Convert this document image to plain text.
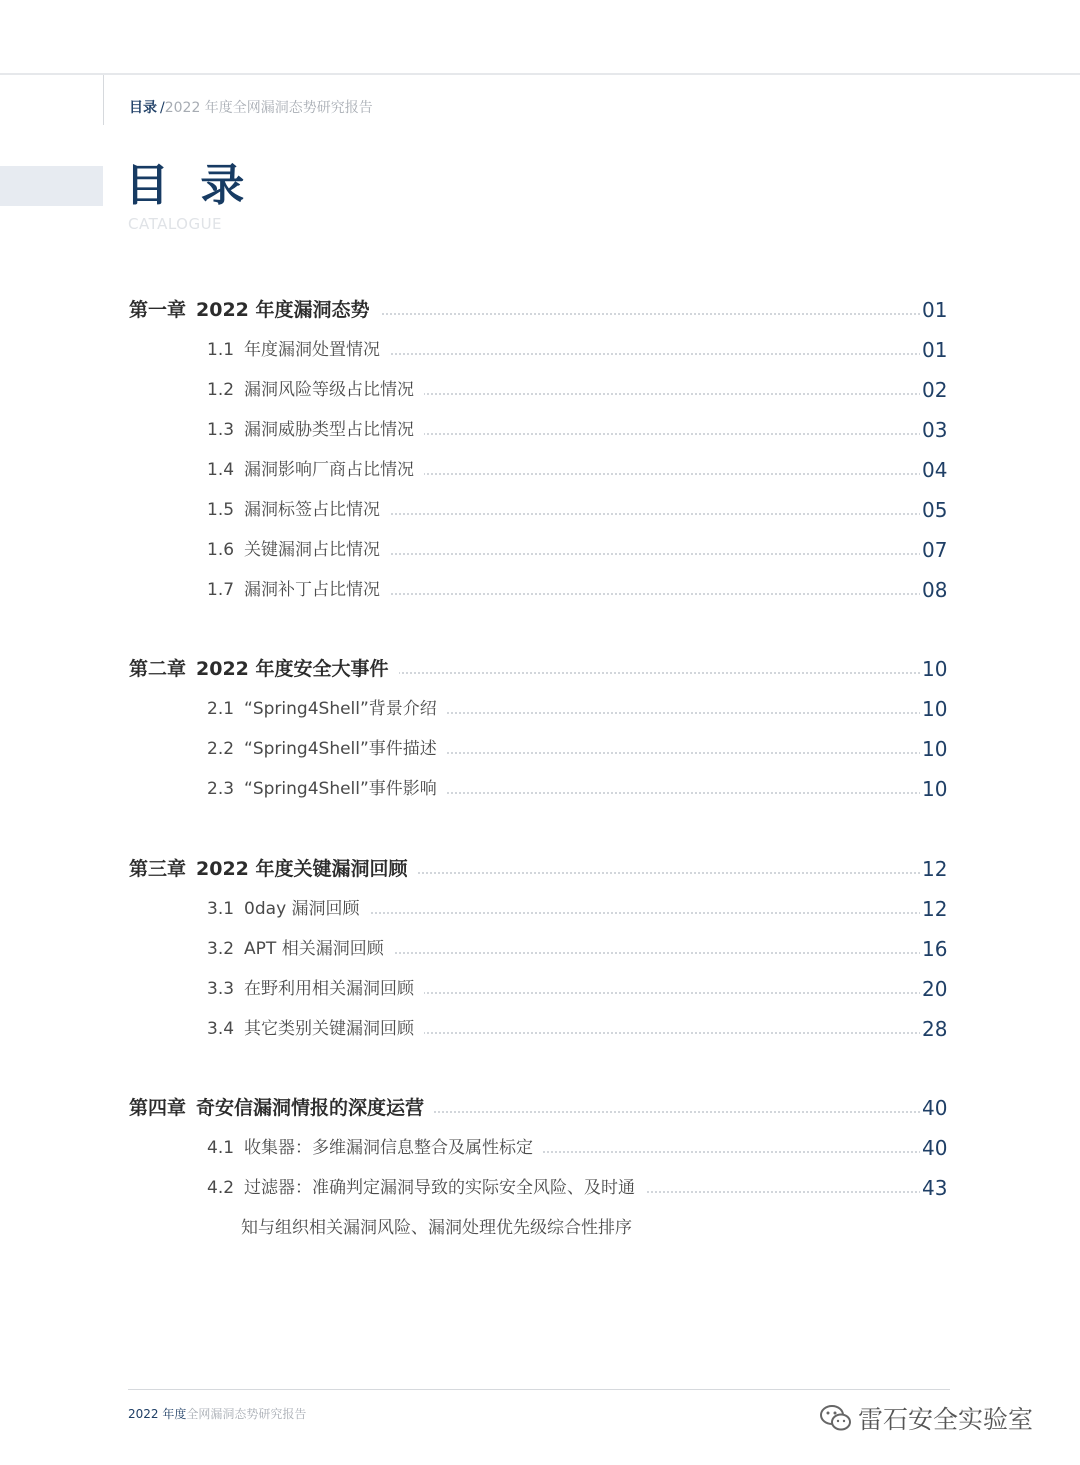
目录 /2022 年度全网漏洞态势研究报告
目 录
CATALOGUE
第一章 2022 年度漏洞态势	01
1.1 年度漏洞处置情况	01
1.2 漏洞风险等级占比情况	02
1.3 漏洞威胁类型占比情况	03
1.4 漏洞影响厂商占比情况	04
1.5 漏洞标签占比情况	05
1.6 关键漏洞占比情况	07
1.7 漏洞补丁占比情况	08
第二章 2022 年度安全大事件	10
2.1 “Spring4Shell”背景介绍	10
2.2 “Spring4Shell”事件描述	10
2.3 “Spring4Shell”事件影响	10
第三章 2022 年度关键漏洞回顾	12
3.1 0day 漏洞回顾	12
3.2 APT 相关漏洞回顾	16
3.3 在野利用相关漏洞回顾	20
3.4 其它类别关键漏洞回顾	28
第四章 奇安信漏洞情报的深度运营	40
4.1 收集器：多维漏洞信息整合及属性标定	40
4.2 过滤器：准确判定漏洞导致的实际安全风险、及时通	43
知与组织相关漏洞风险、漏洞处理优先级综合性排序
2022 年度全网漏洞态势研究报告	雷石安全实验室
